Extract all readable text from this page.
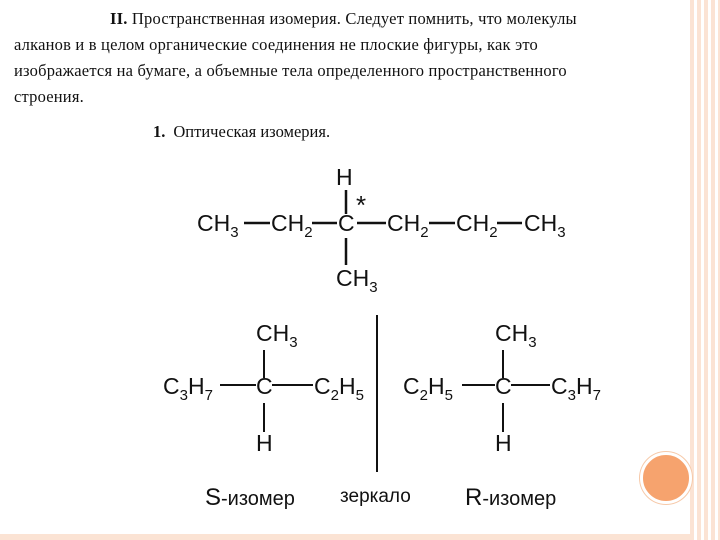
II. Пространственная изомерия. Следует помнить, что молекулы
алканов и в целом органические соединения не плоские фигуры, как это
изображается на бумаге, а объемные тела определенного пространственного
строения.
1. Оптическая изомерия.
H
*
$CH_3$ $CH_2$ C $CH_2$ $CH_2$ $CH_3$
$CH_3$
$CH_3$
$C_3H_7$ C $C_2H_5$
H
S-изомер зеркало
$CH_3$
$C_2H_5$ C $C_3H_7$
H
R-изомер
